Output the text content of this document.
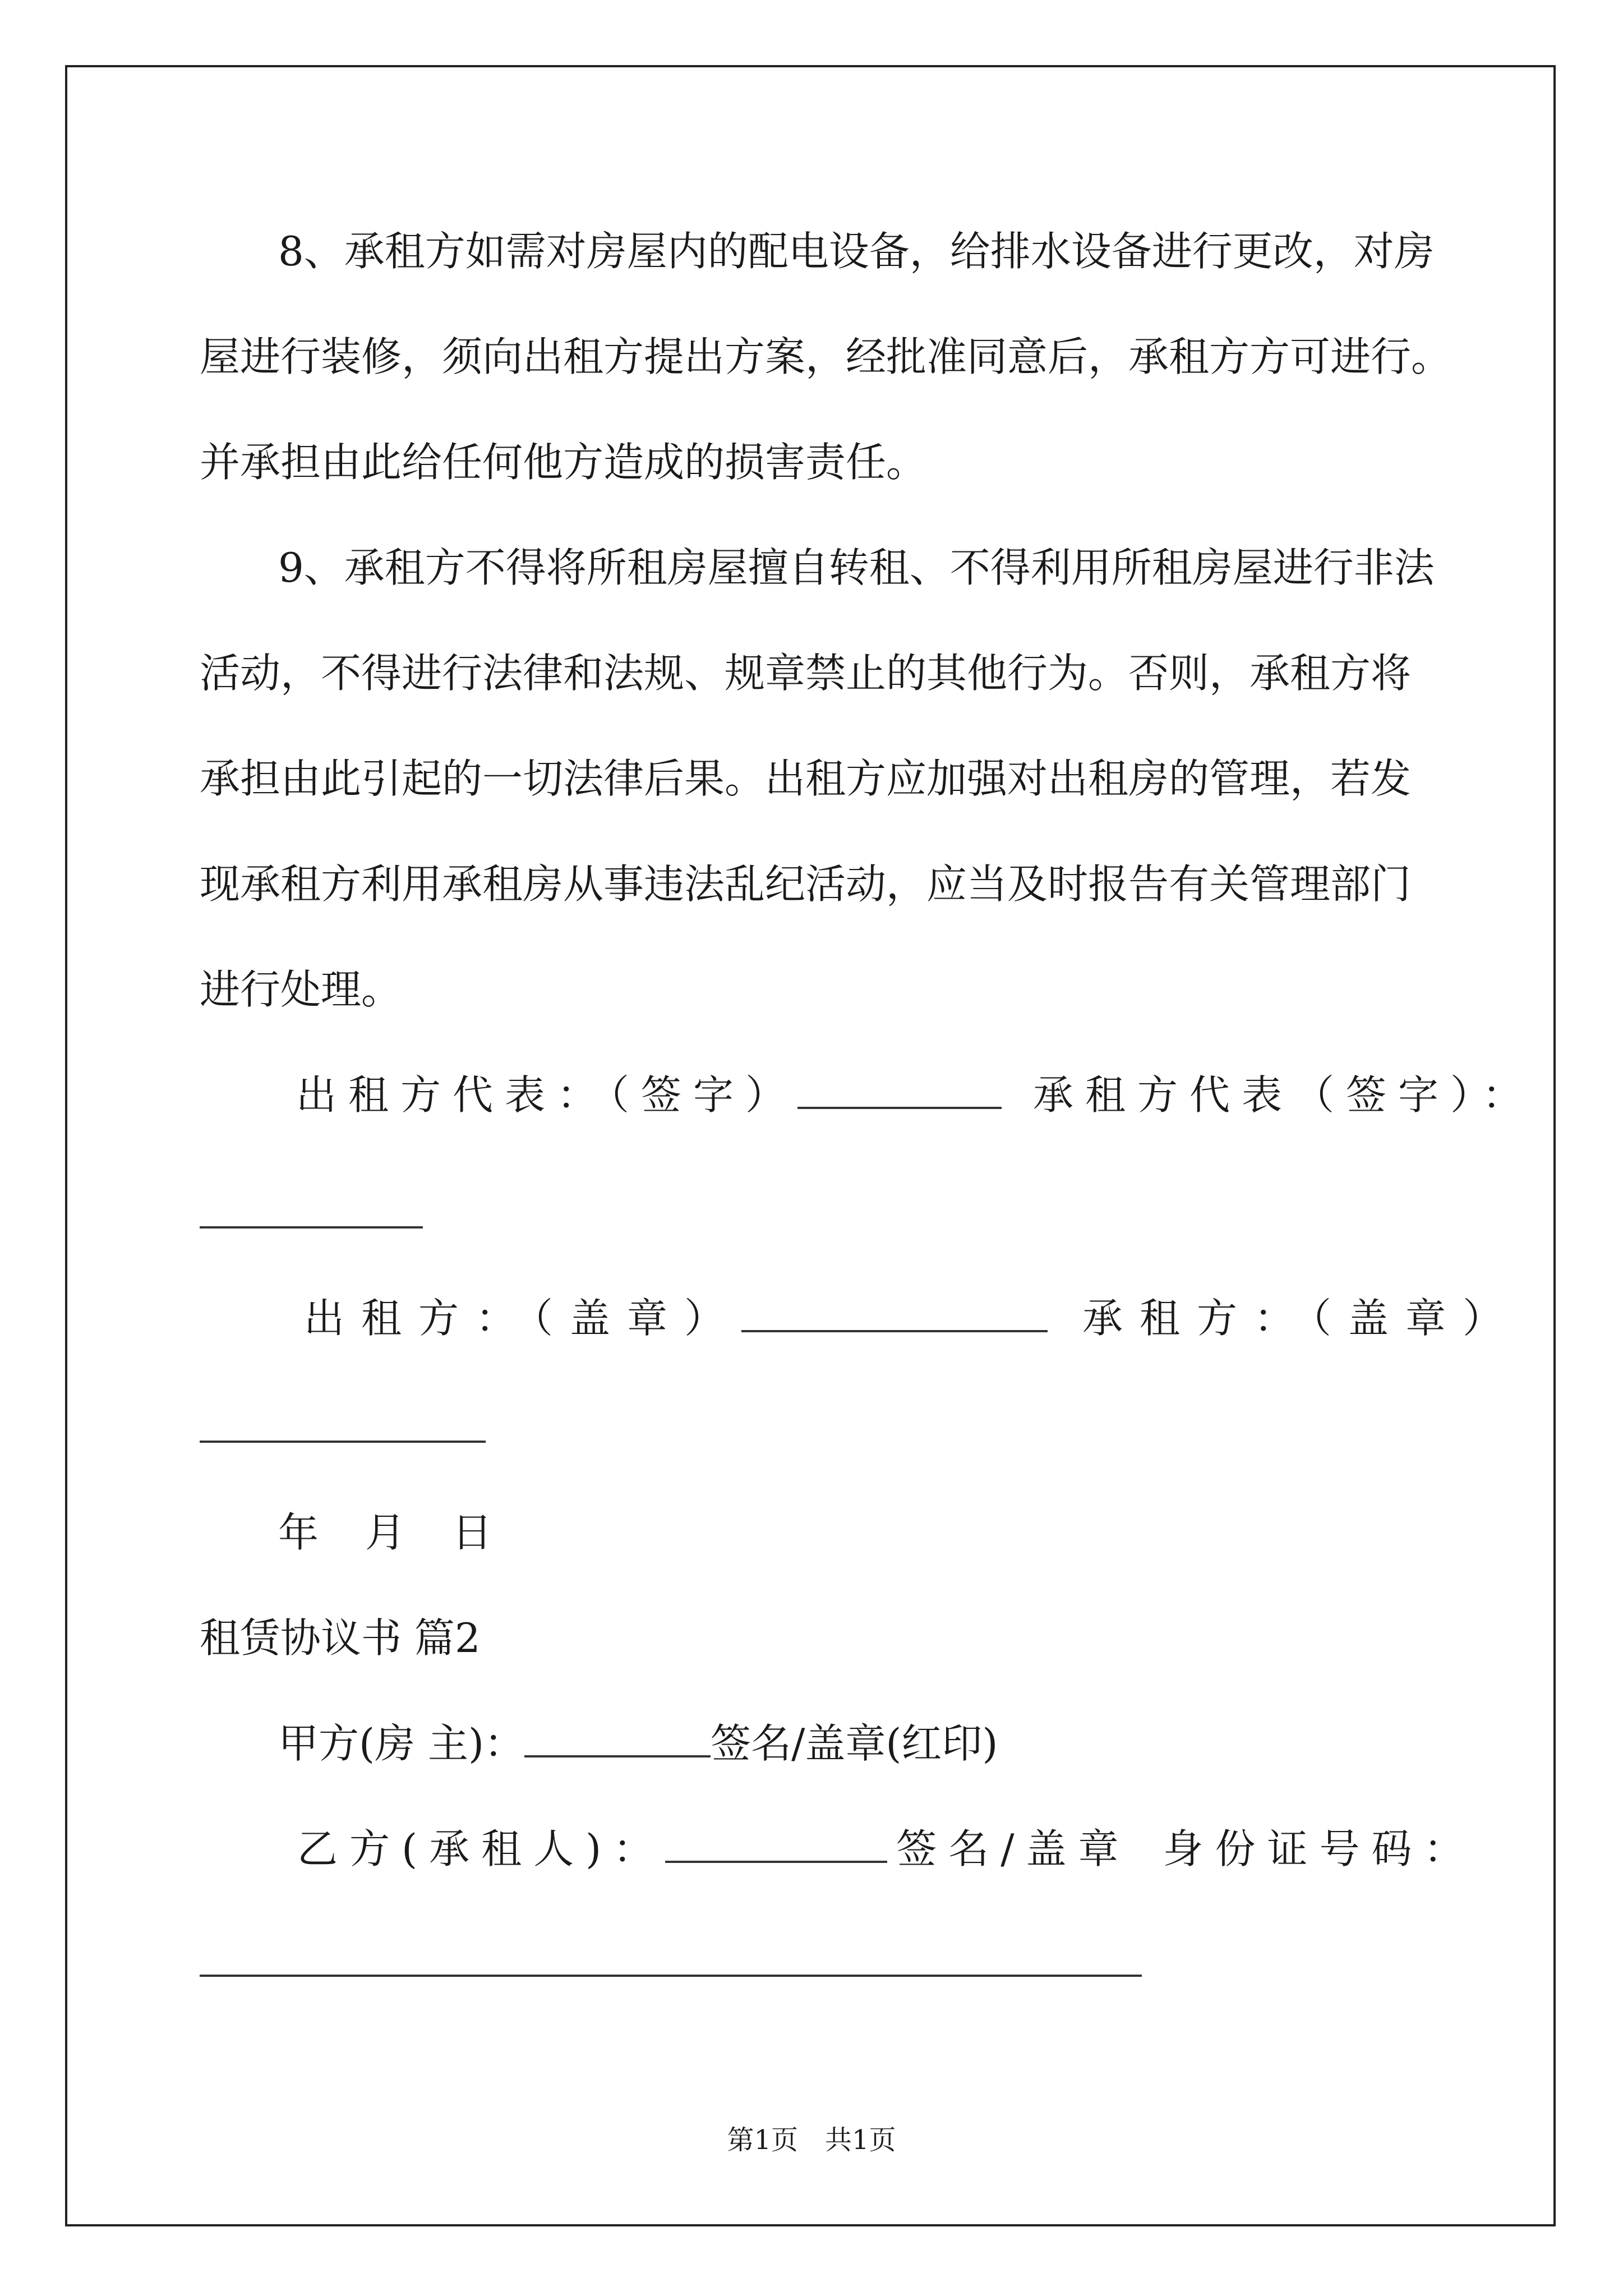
8、承租方如需对房屋内的配电设备，给排水设备进行更改，对房

屋进行装修，须向出租方提出方案，经批准同意后，承租方方可进行。

并承担由此给任何他方造成的损害责任。

9、承租方不得将所租房屋擅自转租、不得利用所租房屋进行非法

活动，不得进行法律和法规、规章禁止的其他行为。否则，承租方将

承担由此引起的一切法律后果。出租方应加强对出租房的管理，若发

现承租方利用承租房从事违法乱纪活动，应当及时报告有关管理部门

进行处理。

出租方代表：（签字）	承租方代表（签字）：

出租方：（盖章）	承租方：（盖章）

年 月 日

租赁协议书 篇2

甲方(房 主)：	签名/盖章(红印)

乙方(承租人)：	签名/盖章 身份证号码：

第1页　共1页
